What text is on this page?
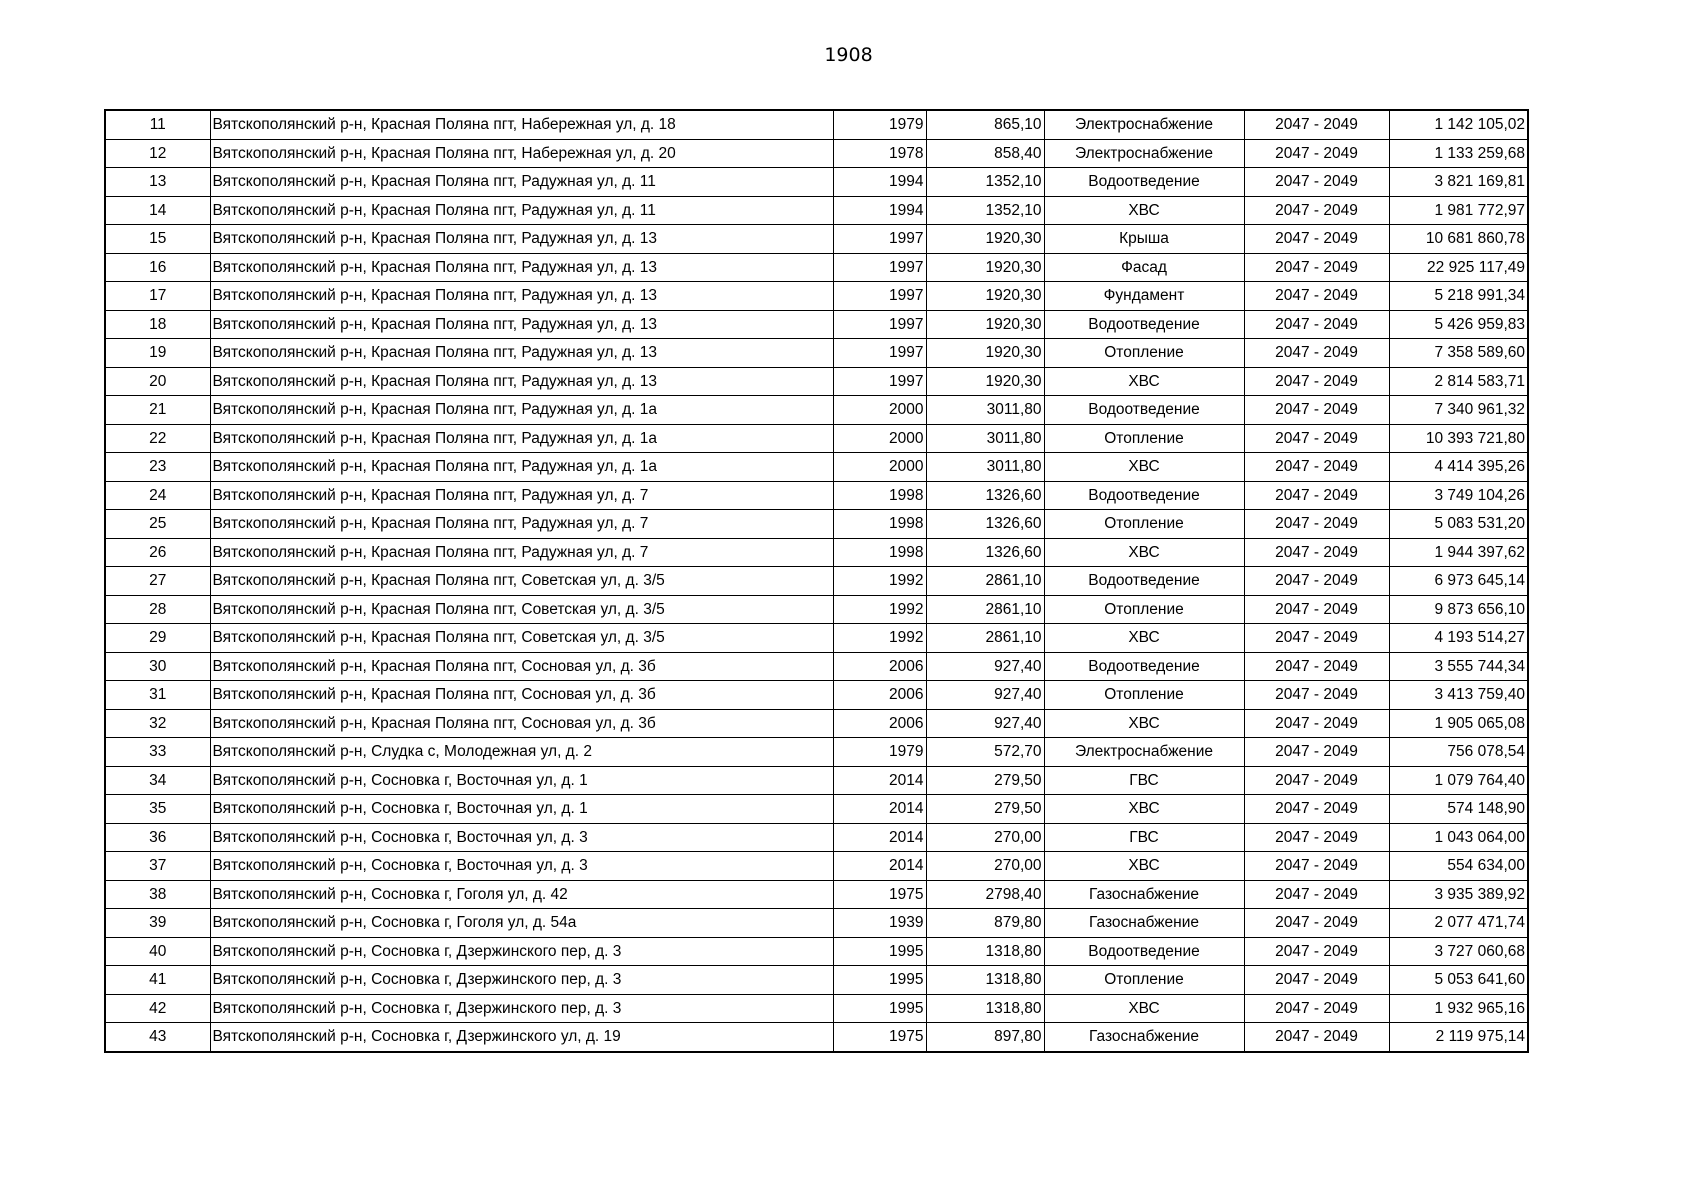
1908
11	Вятскополянский р-н, Красная Поляна пгт, Набережная ул, д. 18	1979	865,10	Электроснабжение	2047 - 2049	1 142 105,02
12	Вятскополянский р-н, Красная Поляна пгт, Набережная ул, д. 20	1978	858,40	Электроснабжение	2047 - 2049	1 133 259,68
13	Вятскополянский р-н, Красная Поляна пгт, Радужная ул, д. 11	1994	1352,10	Водоотведение	2047 - 2049	3 821 169,81
14	Вятскополянский р-н, Красная Поляна пгт, Радужная ул, д. 11	1994	1352,10	ХВС	2047 - 2049	1 981 772,97
15	Вятскополянский р-н, Красная Поляна пгт, Радужная ул, д. 13	1997	1920,30	Крыша	2047 - 2049	10 681 860,78
16	Вятскополянский р-н, Красная Поляна пгт, Радужная ул, д. 13	1997	1920,30	Фасад	2047 - 2049	22 925 117,49
17	Вятскополянский р-н, Красная Поляна пгт, Радужная ул, д. 13	1997	1920,30	Фундамент	2047 - 2049	5 218 991,34
18	Вятскополянский р-н, Красная Поляна пгт, Радужная ул, д. 13	1997	1920,30	Водоотведение	2047 - 2049	5 426 959,83
19	Вятскополянский р-н, Красная Поляна пгт, Радужная ул, д. 13	1997	1920,30	Отопление	2047 - 2049	7 358 589,60
20	Вятскополянский р-н, Красная Поляна пгт, Радужная ул, д. 13	1997	1920,30	ХВС	2047 - 2049	2 814 583,71
21	Вятскополянский р-н, Красная Поляна пгт, Радужная ул, д. 1а	2000	3011,80	Водоотведение	2047 - 2049	7 340 961,32
22	Вятскополянский р-н, Красная Поляна пгт, Радужная ул, д. 1а	2000	3011,80	Отопление	2047 - 2049	10 393 721,80
23	Вятскополянский р-н, Красная Поляна пгт, Радужная ул, д. 1а	2000	3011,80	ХВС	2047 - 2049	4 414 395,26
24	Вятскополянский р-н, Красная Поляна пгт, Радужная ул, д. 7	1998	1326,60	Водоотведение	2047 - 2049	3 749 104,26
25	Вятскополянский р-н, Красная Поляна пгт, Радужная ул, д. 7	1998	1326,60	Отопление	2047 - 2049	5 083 531,20
26	Вятскополянский р-н, Красная Поляна пгт, Радужная ул, д. 7	1998	1326,60	ХВС	2047 - 2049	1 944 397,62
27	Вятскополянский р-н, Красная Поляна пгт, Советская ул, д. 3/5	1992	2861,10	Водоотведение	2047 - 2049	6 973 645,14
28	Вятскополянский р-н, Красная Поляна пгт, Советская ул, д. 3/5	1992	2861,10	Отопление	2047 - 2049	9 873 656,10
29	Вятскополянский р-н, Красная Поляна пгт, Советская ул, д. 3/5	1992	2861,10	ХВС	2047 - 2049	4 193 514,27
30	Вятскополянский р-н, Красная Поляна пгт, Сосновая ул, д. 3б	2006	927,40	Водоотведение	2047 - 2049	3 555 744,34
31	Вятскополянский р-н, Красная Поляна пгт, Сосновая ул, д. 3б	2006	927,40	Отопление	2047 - 2049	3 413 759,40
32	Вятскополянский р-н, Красная Поляна пгт, Сосновая ул, д. 3б	2006	927,40	ХВС	2047 - 2049	1 905 065,08
33	Вятскополянский р-н, Слудка с, Молодежная ул, д. 2	1979	572,70	Электроснабжение	2047 - 2049	756 078,54
34	Вятскополянский р-н, Сосновка г, Восточная ул, д. 1	2014	279,50	ГВС	2047 - 2049	1 079 764,40
35	Вятскополянский р-н, Сосновка г, Восточная ул, д. 1	2014	279,50	ХВС	2047 - 2049	574 148,90
36	Вятскополянский р-н, Сосновка г, Восточная ул, д. 3	2014	270,00	ГВС	2047 - 2049	1 043 064,00
37	Вятскополянский р-н, Сосновка г, Восточная ул, д. 3	2014	270,00	ХВС	2047 - 2049	554 634,00
38	Вятскополянский р-н, Сосновка г, Гоголя ул, д. 42	1975	2798,40	Газоснабжение	2047 - 2049	3 935 389,92
39	Вятскополянский р-н, Сосновка г, Гоголя ул, д. 54а	1939	879,80	Газоснабжение	2047 - 2049	2 077 471,74
40	Вятскополянский р-н, Сосновка г, Дзержинского пер, д. 3	1995	1318,80	Водоотведение	2047 - 2049	3 727 060,68
41	Вятскополянский р-н, Сосновка г, Дзержинского пер, д. 3	1995	1318,80	Отопление	2047 - 2049	5 053 641,60
42	Вятскополянский р-н, Сосновка г, Дзержинского пер, д. 3	1995	1318,80	ХВС	2047 - 2049	1 932 965,16
43	Вятскополянский р-н, Сосновка г, Дзержинского ул, д. 19	1975	897,80	Газоснабжение	2047 - 2049	2 119 975,14
